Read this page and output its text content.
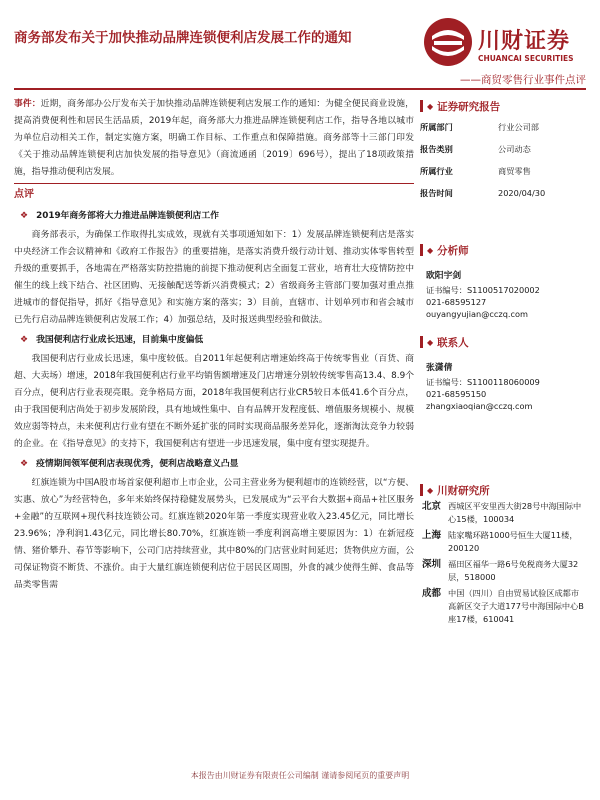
商务部发布关于加快推动品牌连锁便利店发展工作的通知	川财证券
CHUANCAI SECURITIES
——商贸零售行业事件点评
事件：近期，商务部办公厅发布关于加快推动品牌连锁便利店发展工作的通知：为健全便民商业设施，提高消费便利性和居民生活品质，2019年起，商务部大力推进品牌连锁便利店工作，指导各地以城市为单位启动相关工作，制定实施方案，明确工作目标、工作重点和保障措施。商务部等十三部门印发《关于推动品牌连锁便利店加快发展的指导意见》（商流通函〔2019〕696号），提出了18项政策措施，指导推动便利店发展。
点评
❖ 2019年商务部将大力推进品牌连锁便利店工作
商务部表示，为确保工作取得扎实成效，现就有关事项通知如下：1）发展品牌连锁便利店是落实中央经济工作会议精神和《政府工作报告》的重要措施，是落实消费升级行动计划、推动实体零售转型升级的重要抓手，各地需在严格落实防控措施的前提下推动便利店全面复工营业，培育壮大疫情防控中催生的线上线下结合、社区团购、无接触配送等新兴消费模式；2）省级商务主管部门要加强对重点推进城市的督促指导，抓好《指导意见》和实施方案的落实；3）目前，直辖市、计划单列市和省会城市已先行启动品牌连锁便利店发展工作；4）加强总结，及时报送典型经验和做法。
❖ 我国便利店行业成长迅速，目前集中度偏低
我国便利店行业成长迅速，集中度较低。自2011年起便利店增速始终高于传统零售业（百货、商超、大卖场）增速，2018年我国便利店行业平均销售额增速及门店增速分别较传统零售高13.4、8.9个百分点，便利店行业表现亮眼。竞争格局方面，2018年我国便利店行业CR5较日本低41.6个百分点，由于我国便利店尚处于初步发展阶段，具有地域性集中、自有品牌开发程度低、增值服务规模小、规模效应弱等特点，未来便利店行业有望在不断外延扩张的同时实现商品服务差异化，逐渐淘汰竞争力较弱的企业。在《指导意见》的支持下，我国便利店有望进一步迅速发展，集中度有望实现提升。
❖ 疫情期间领军便利店表现优秀，便利店战略意义凸显
红旗连锁为中国A股市场首家便利超市上市企业，公司主营业务为便利超市的连锁经营，以“方便、实惠、放心”为经营特色，多年来始终保持稳健发展势头，已发展成为“云平台大数据+商品+社区服务+金融”的互联网+现代科技连锁公司。红旗连锁2020年第一季度实现营业收入23.45亿元，同比增长23.96%；净利润1.43亿元，同比增长80.70%，红旗连锁一季度利润高增主要原因为：1）在新冠疫情、猪价攀升、春节等影响下，公司门店持续营业，其中80%的门店营业时间延迟；货物供应方面，公司保证物资不断货、不涨价。由于大量红旗连锁便利店位于居民区周围，外食的减少使得生鲜、食品等品类零售需
◆ 证券研究报告
所属部门	行业公司部
报告类别	公司动态
所属行业	商贸零售
报告时间	2020/04/30
◆ 分析师
欧阳宇剑
证书编号：S1100517020002
021-68595127
ouyangyujian@cczq.com
◆ 联系人
张潇倩
证书编号：S1100118060009
021-68595150
zhangxiaoqian@cczq.com
◆ 川财研究所
北京 西城区平安里西大街28号中海国际中心15楼，100034
上海 陆家嘴环路1000号恒生大厦11楼，200120
深圳 福田区福华一路6号免税商务大厦32层，518000
成都 中国（四川）自由贸易试验区成都市高新区交子大道177号中海国际中心B座17楼，610041
本报告由川财证券有限责任公司编制 谨请参阅尾页的重要声明
